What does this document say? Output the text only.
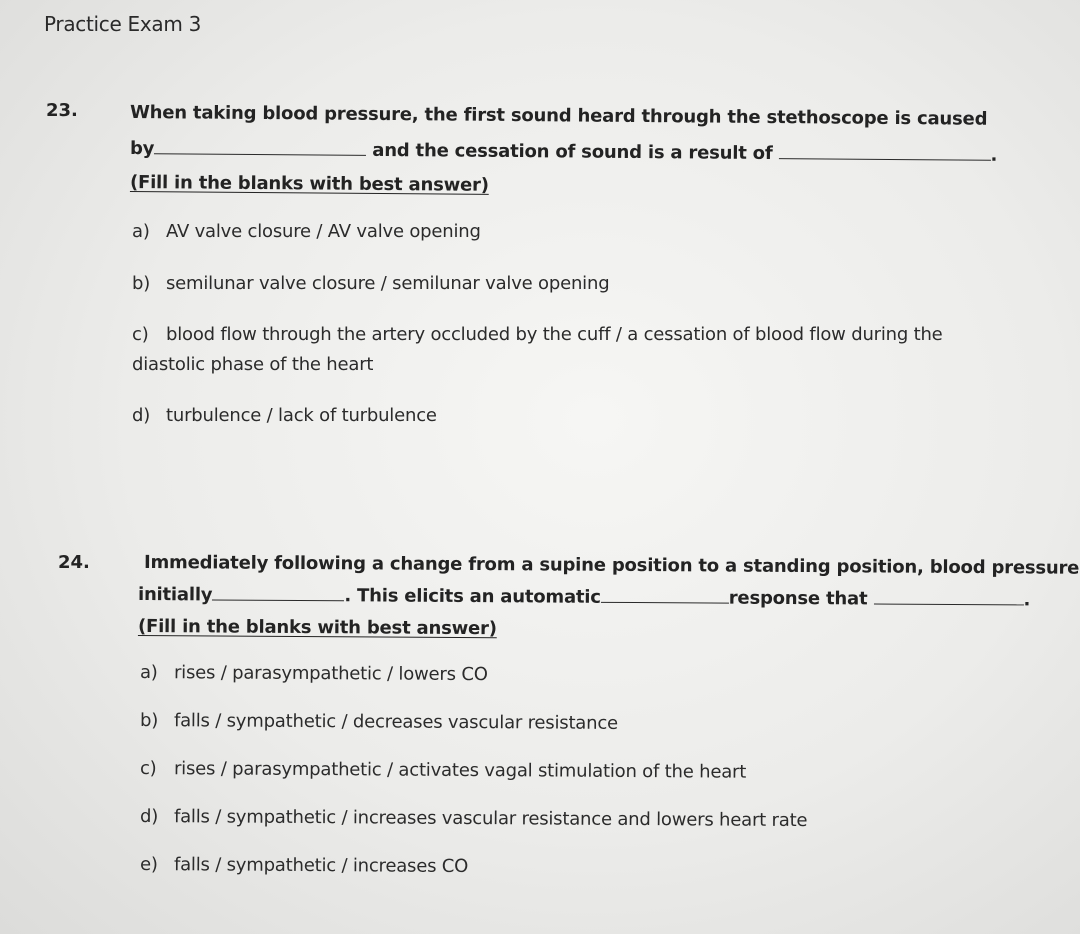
Practice Exam 3
23.	When taking blood pressure, the first sound heard through the stethoscope is caused
by	and the cessation of sound is a result of	.
(Fill in the blanks with best answer)
a) AV valve closure / AV valve opening
b) semilunar valve closure / semilunar valve opening
c) blood flow through the artery occluded by the cuff / a cessation of blood flow during the
diastolic phase of the heart
d) turbulence / lack of turbulence
24.	Immediately following a change from a supine position to a standing position, blood pressure
initially	. This elicits an automatic	response that	.
(Fill in the blanks with best answer)
a) rises / parasympathetic / lowers CO
b) falls / sympathetic / decreases vascular resistance
c) rises / parasympathetic / activates vagal stimulation of the heart
d) falls / sympathetic / increases vascular resistance and lowers heart rate
e) falls / sympathetic / increases CO
